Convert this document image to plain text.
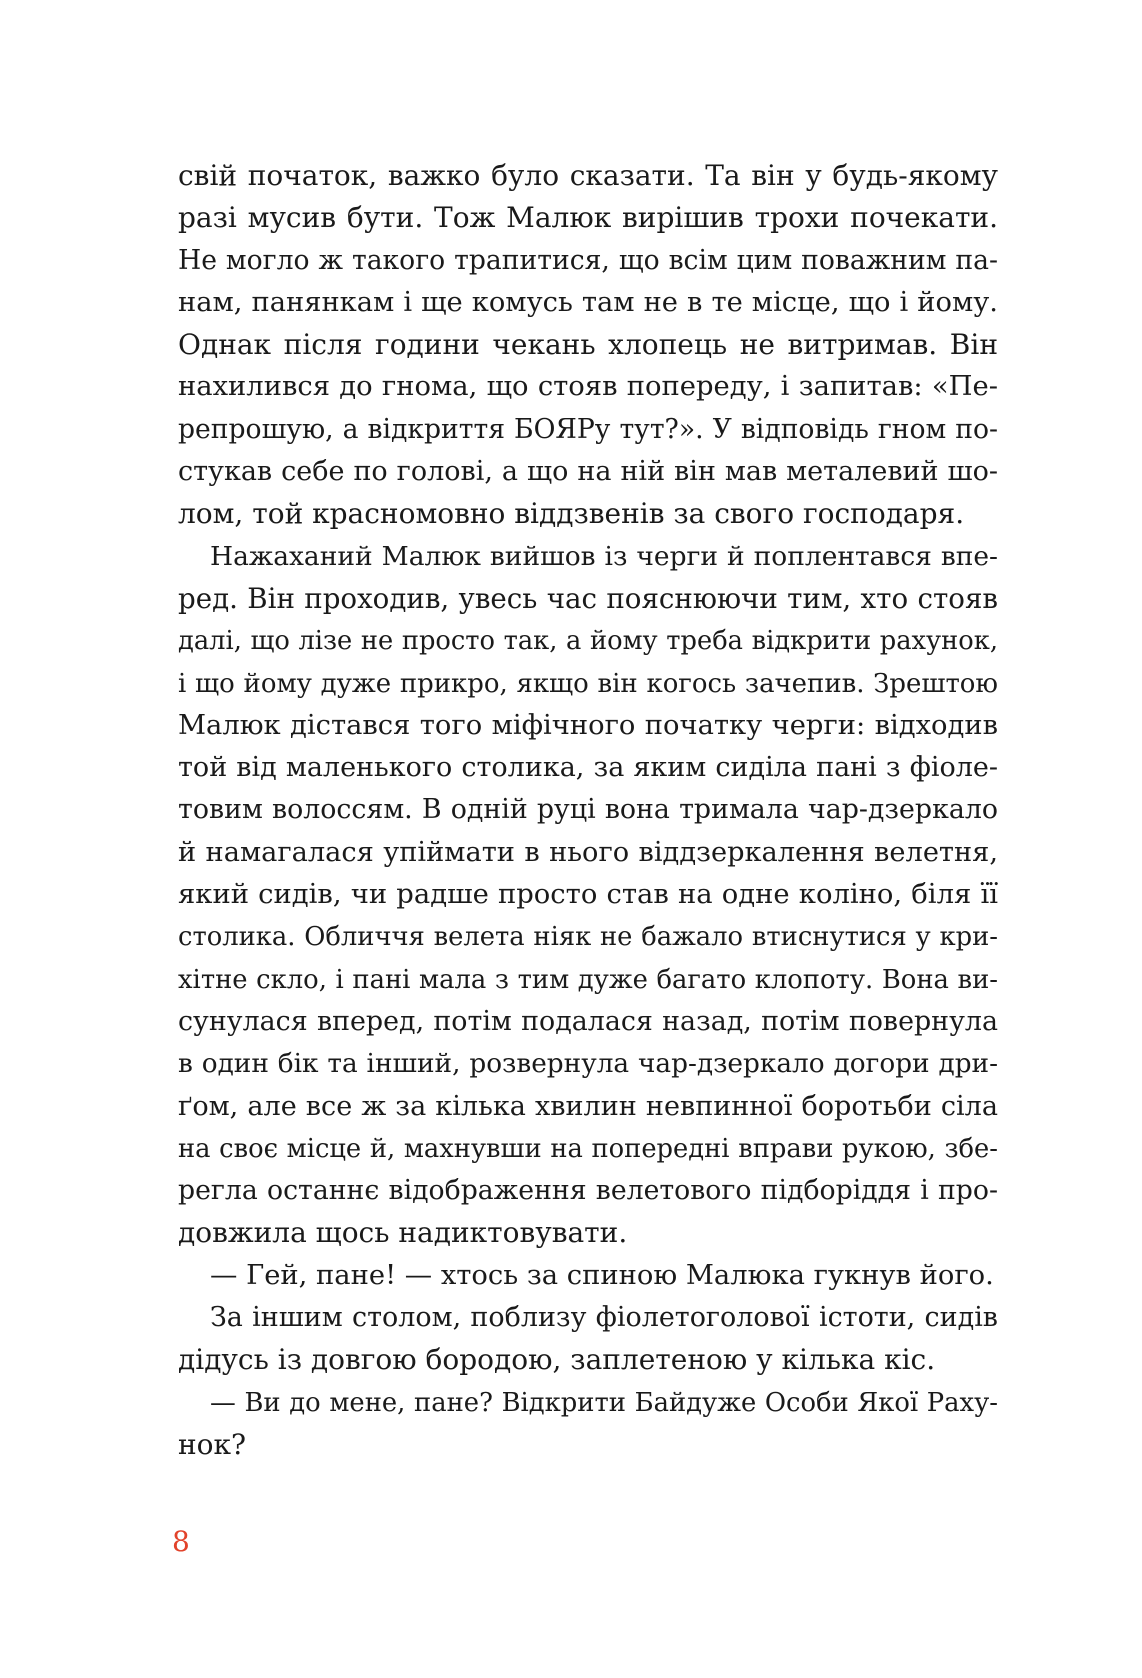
свій початок, важко було сказати. Та він у будь-якому
разі мусив бути. Тож Малюк вирішив трохи почекати.
Не могло ж такого трапитися, що всім цим поважним па-
нам, панянкам і ще комусь там не в те місце, що і йому.
Однак після години чекань хлопець не витримав. Він
нахилився до гнома, що стояв попереду, і запитав: «Пе-
репрошую, а відкриття БОЯРу тут?». У відповідь гном по-
стукав себе по голові, а що на ній він мав металевий шо-
лом, той красномовно віддзвенів за свого господаря.
Нажаханий Малюк вийшов із черги й поплентався впе-
ред. Він проходив, увесь час пояснюючи тим, хто стояв
далі, що лізе не просто так, а йому треба відкрити рахунок,
і що йому дуже прикро, якщо він когось зачепив. Зрештою
Малюк дістався того міфічного початку черги: відходив
той від маленького столика, за яким сиділа пані з фіоле-
товим волоссям. В одній руці вона тримала чар-дзеркало
й намагалася упіймати в нього віддзеркалення велетня,
який сидів, чи радше просто став на одне коліно, біля її
столика. Обличчя велета ніяк не бажало втиснутися у кри-
хітне скло, і пані мала з тим дуже багато клопоту. Вона ви-
сунулася вперед, потім подалася назад, потім повернула
в один бік та інший, розвернула чар-дзеркало догори дри-
ґом, але все ж за кілька хвилин невпинної боротьби сіла
на своє місце й, махнувши на попередні вправи рукою, збе-
регла останнє відображення велетового підборіддя і про-
довжила щось надиктовувати.
— Гей, пане! — хтось за спиною Малюка гукнув його.
За іншим столом, поблизу фіолетоголової істоти, сидів
дідусь із довгою бородою, заплетеною у кілька кіс.
— Ви до мене, пане? Відкрити Байдуже Особи Якої Раху-
нок?
8
